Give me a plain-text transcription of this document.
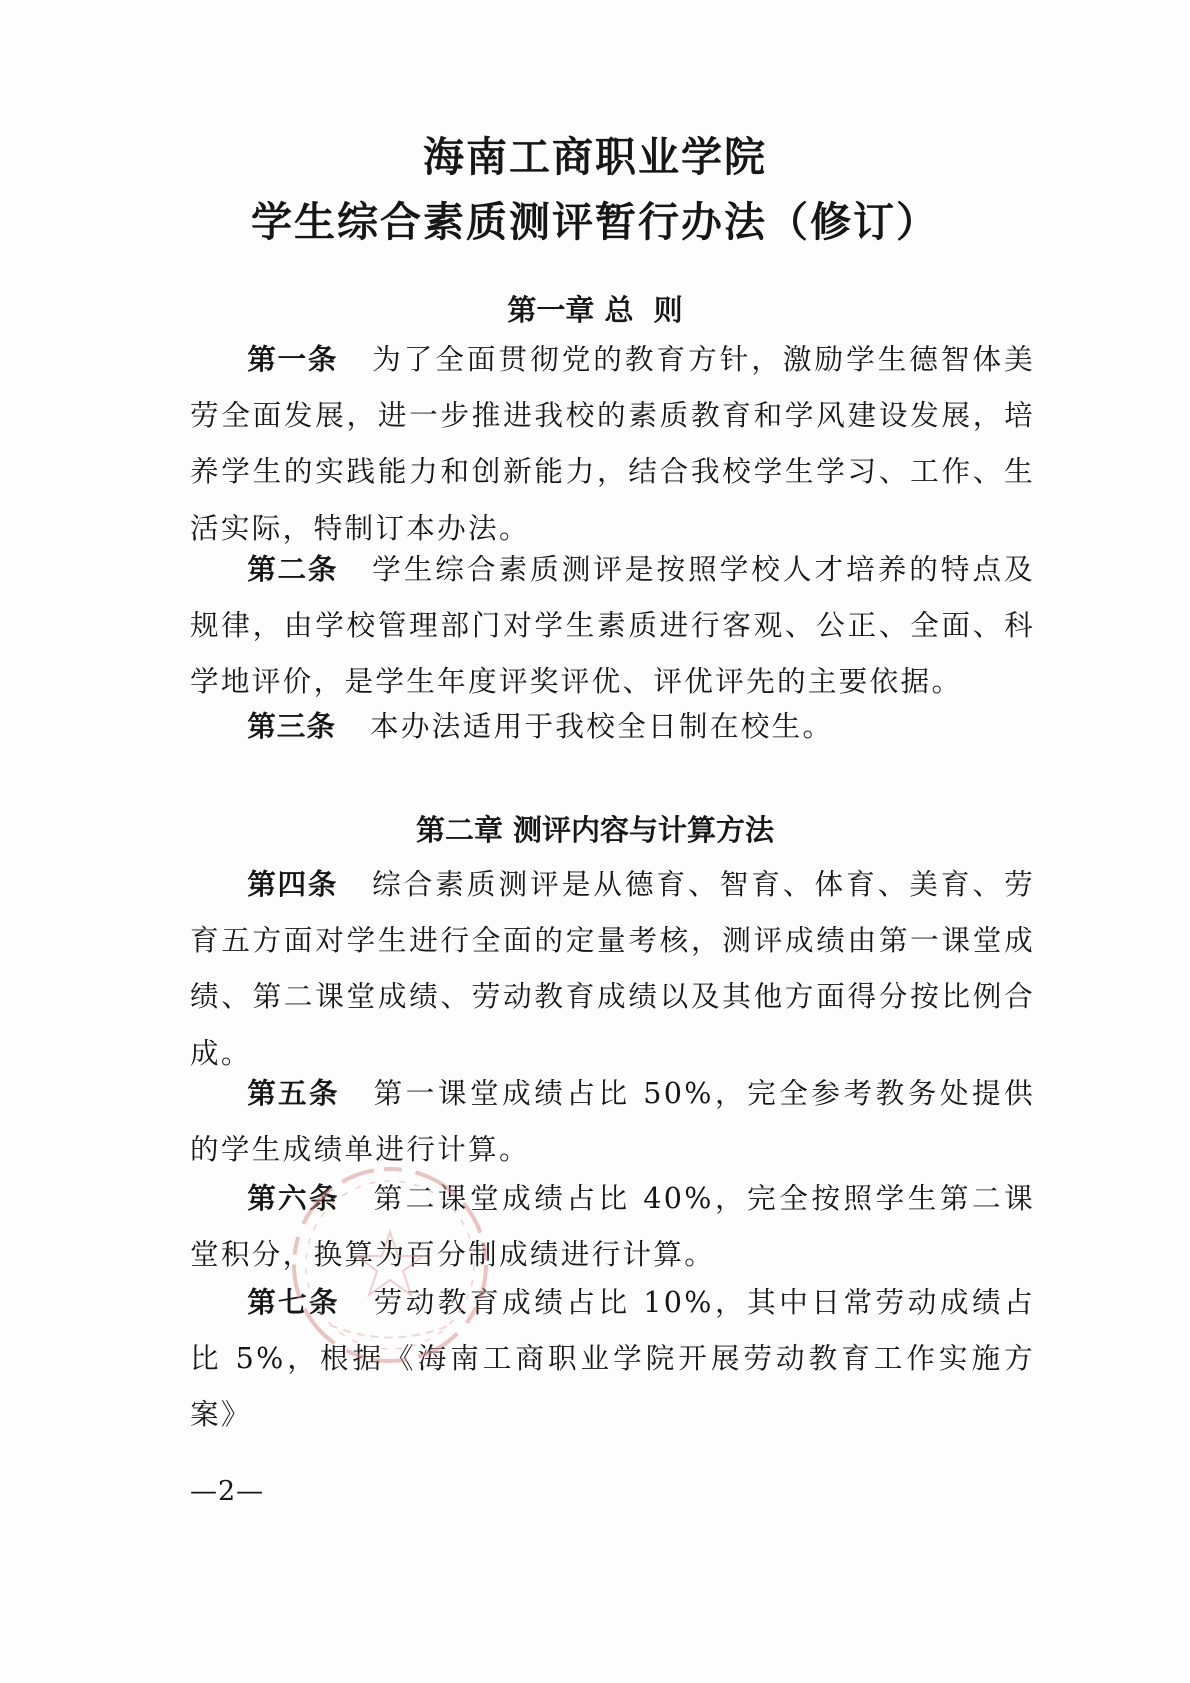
海南工商职业学院
学生综合素质测评暂行办法（修订）
第一章 总  则

第一条 为了全面贯彻党的教育方针，激励学生德智体美劳全面发展，进一步推进我校的素质教育和学风建设发展，培养学生的实践能力和创新能力，结合我校学生学习、工作、生活实际，特制订本办法。

第二条 学生综合素质测评是按照学校人才培养的特点及规律，由学校管理部门对学生素质进行客观、公正、全面、科学地评价，是学生年度评奖评优、评优评先的主要依据。

第三条 本办法适用于我校全日制在校生。

第二章 测评内容与计算方法

第四条 综合素质测评是从德育、智育、体育、美育、劳育五方面对学生进行全面的定量考核，测评成绩由第一课堂成绩、第二课堂成绩、劳动教育成绩以及其他方面得分按比例合成。

第五条 第一课堂成绩占比 50%，完全参考教务处提供的学生成绩单进行计算。

第六条 第二课堂成绩占比 40%，完全按照学生第二课堂积分，换算为百分制成绩进行计算。

第七条 劳动教育成绩占比 10%，其中日常劳动成绩占比 5%，根据《海南工商职业学院开展劳动教育工作实施方案》

—2—
